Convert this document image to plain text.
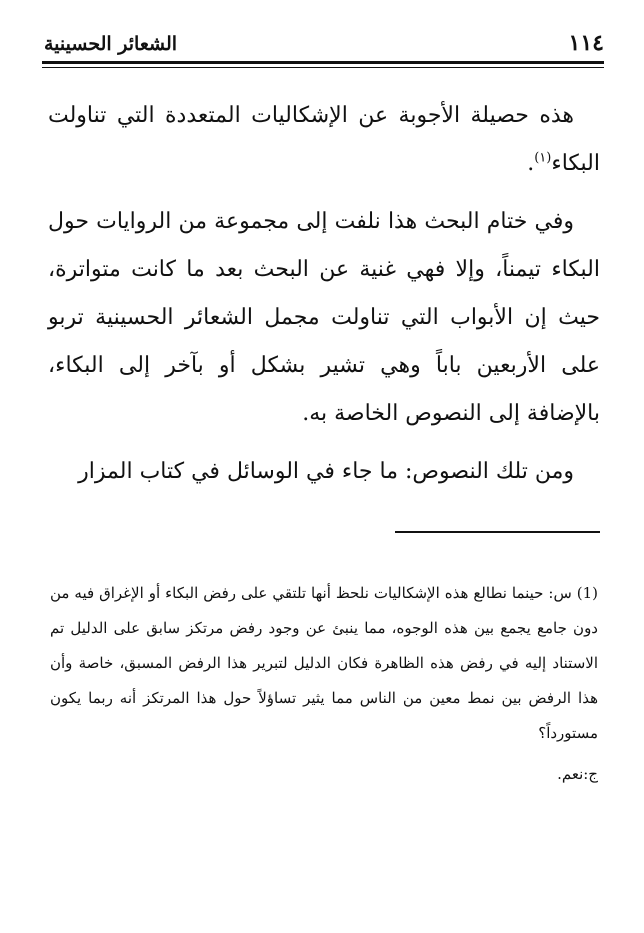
١١٤
الشعائر الحسينية

هذه حصيلة الأجوبة عن الإشكاليات المتعددة التي تناولت البكاء$^{(١)}$.

وفي ختام البحث هذا نلفت إلى مجموعة من الروايات حول البكاء تيمناً، وإلا فهي غنية عن البحث بعد ما كانت متواترة، حيث إن الأبواب التي تناولت مجمل الشعائر الحسينية تربو على الأربعين باباً وهي تشير بشكل أو بآخر إلى البكاء، بالإضافة إلى النصوص الخاصة به.

ومن تلك النصوص: ما جاء في الوسائل في كتاب المزار

(1) س: حينما نطالع هذه الإشكاليات نلحظ أنها تلتقي على رفض البكاء أو الإغراق فيه من دون جامع يجمع بين هذه الوجوه، مما ينبئ عن وجود رفض مرتكز سابق على الدليل تم الاستناد إليه في رفض هذه الظاهرة فكان الدليل لتبرير هذا الرفض المسبق، خاصة وأن هذا الرفض بين نمط معين من الناس مما يثير تساؤلاً حول هذا المرتكز أنه ربما يكون مستورداً؟

ج:نعم.
